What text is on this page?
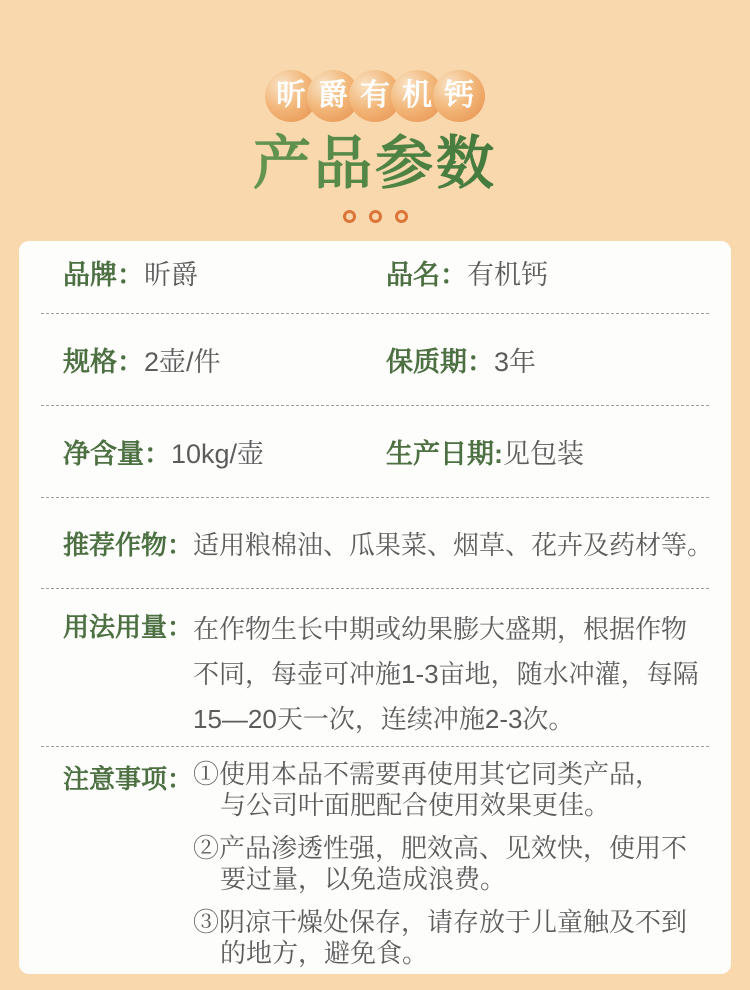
昕 爵 有 机 钙
产品参数
品牌：昕爵	品名：有机钙
规格：2壶/件	保质期：3年
净含量：10kg/壶	生产日期:见包装
推荐作物： 适用粮棉油、瓜果菜、烟草、花卉及药材等。
用法用量： 在作物生长中期或幼果膨大盛期，根据作物
不同，每壶可冲施1-3亩地，随水冲灌，每隔
15—20天一次，连续冲施2-3次。
注意事项： ①使用本品不需要再使用其它同类产品，
与公司叶面肥配合使用效果更佳。
②产品渗透性强，肥效高、见效快，使用不
要过量，以免造成浪费。
③阴凉干燥处保存，请存放于儿童触及不到
的地方，避免食。
